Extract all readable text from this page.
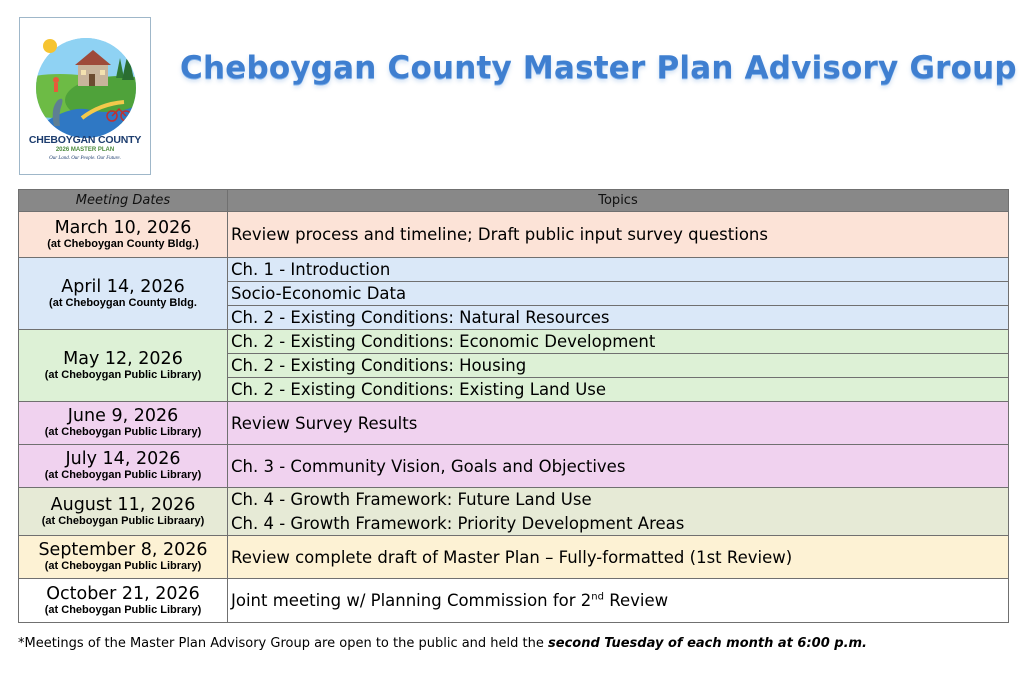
CHEBOYGAN COUNTY
2026 MASTER PLAN
Our Land. Our People. Our Future.
Cheboygan County Master Plan Advisory Group
Meeting Dates	Topics

March 10, 2026
(at Cheboygan County Bldg.)	Review process and timeline; Draft public input survey questions

April 14, 2026
(at Cheboygan County Bldg.	Ch. 1 - Introduction
	Socio-Economic Data
	Ch. 2 - Existing Conditions: Natural Resources

May 12, 2026
(at Cheboygan Public Library)	Ch. 2 - Existing Conditions: Economic Development
	Ch. 2 - Existing Conditions: Housing
	Ch. 2 - Existing Conditions: Existing Land Use

June 9, 2026
(at Cheboygan Public Library)	Review Survey Results

July 14, 2026
(at Cheboygan Public Library)	Ch. 3 - Community Vision, Goals and Objectives

August 11, 2026
(at Cheboygan Public Libraary)	Ch. 4 - Growth Framework: Future Land Use
	Ch. 4 - Growth Framework: Priority Development Areas

September 8, 2026
(at Cheboygan Public Library)	Review complete draft of Master Plan – Fully-formatted (1st Review)

October 21, 2026
(at Cheboygan Public Library)	Joint meeting w/ Planning Commission for 2nd Review
*Meetings of the Master Plan Advisory Group are open to the public and held the second Tuesday of each month at 6:00 p.m.
